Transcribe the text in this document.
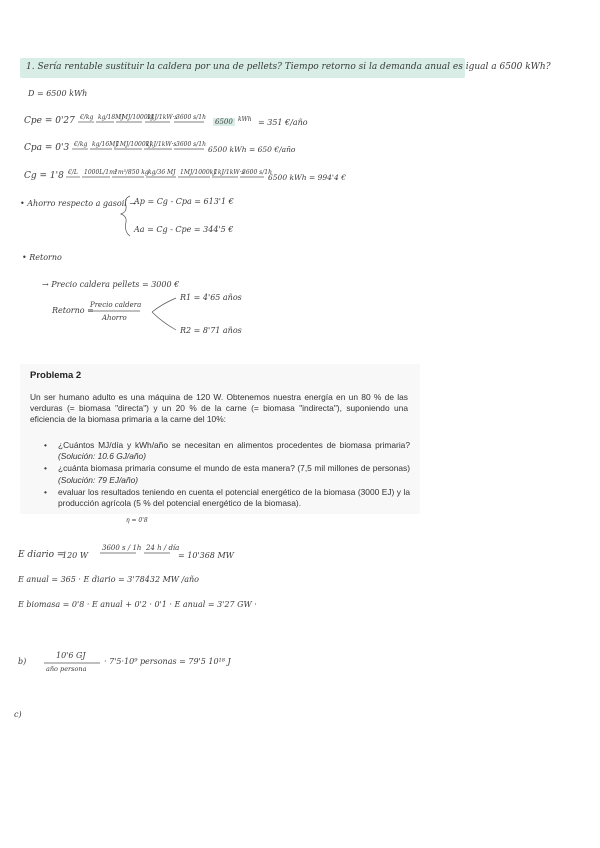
1. Sería rentable sustituir la caldera por una de pellets? Tiempo retorno si la demanda anual es igual a 6500 kWh?
D = 6500 kWh
Cpe = 0'27 €/kg kg/18MJ
1MJ/1000kJ
1kJ/1kW·s
3600 s/1h
6500 kWh = 351 €/año
Cpa = 0'3 €/kg kg/16MJ
1MJ/1000kJ
1kJ/1kW·s 3600 s/1h
6500 kWh = 650 €/año
Cg = 1'8 €/L 1000L/1m³
1m³/850 kg kg/36 MJ 1MJ/1000kJ
1kJ/1kW·s
3600 s/1h
6500 kWh = 994'4 €
• Ahorro respecto a gasoil →
Ap = Cg - Cpa = 613'1 €
Aa = Cg - Cpe = 344'5 €
• Retorno
→ Precio caldera pellets = 3000 €
Retorno =
Precio caldera
Ahorro
R1 = 4'65 años
R2 = 8'71 años
Problema 2
Un ser humano adulto es una máquina de 120 W. Obtenemos nuestra energía en un 80 % de las verduras (= biomasa "directa") y un 20 % de la carne (= biomasa "indirecta"), suponiendo una eficiencia de la biomasa primaria a la carne del 10%:
• ¿Cuántos MJ/día y kWh/año se necesitan en alimentos procedentes de biomasa primaria? (Solución: 10.6 GJ/año)
• ¿cuánta biomasa primaria consume el mundo de esta manera? (7,5 mil millones de personas) (Solución: 79 EJ/año)
• evaluar los resultados teniendo en cuenta el potencial energético de la biomasa (3000 EJ) y la producción agrícola (5 % del potencial energético de la biomasa).
η = 0'8
E diario =
120 W
3600 s / 1h 24 h / día
= 10'368 MW
E anual = 365 · E diario = 3'78432 MW /año
E biomasa = 0'8 · E anual + 0'2 · 0'1 · E anual = 3'27 GW ·
b)
10'6 GJ
año persona
· 7'5·10⁹ personas = 79'5 10¹⁸ J
c)
